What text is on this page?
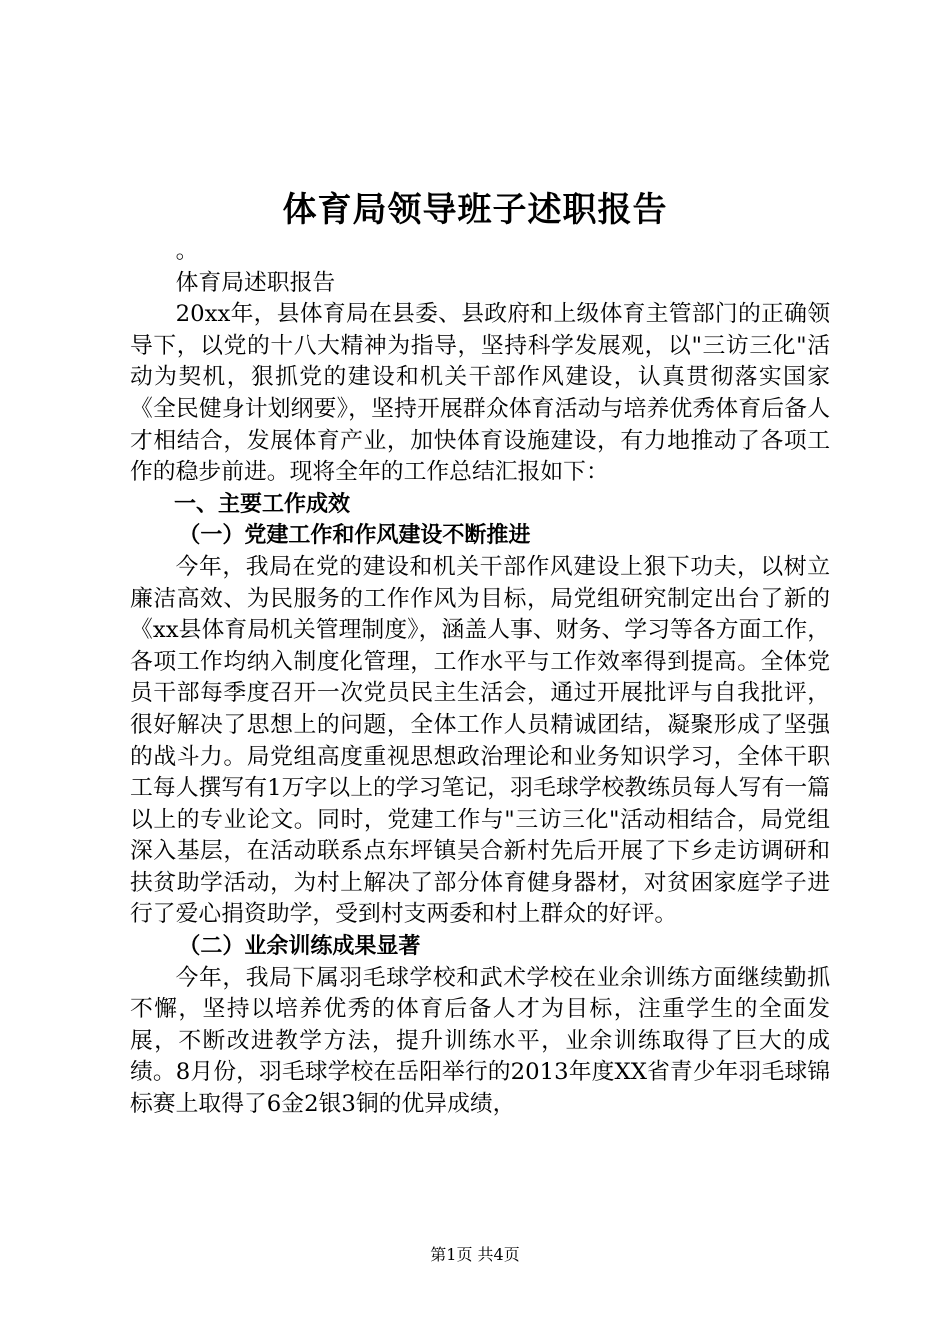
体育局领导班子述职报告

。

体育局述职报告

20xx年，县体育局在县委、县政府和上级体育主管部门的正确领导下，以党的十八大精神为指导，坚持科学发展观，以"三访三化"活动为契机，狠抓党的建设和机关干部作风建设，认真贯彻落实国家《全民健身计划纲要》，坚持开展群众体育活动与培养优秀体育后备人才相结合，发展体育产业，加快体育设施建设，有力地推动了各项工作的稳步前进。现将全年的工作总结汇报如下：

一、主要工作成效

（一）党建工作和作风建设不断推进

今年，我局在党的建设和机关干部作风建设上狠下功夫，以树立廉洁高效、为民服务的工作作风为目标，局党组研究制定出台了新的《xx县体育局机关管理制度》，涵盖人事、财务、学习等各方面工作，各项工作均纳入制度化管理，工作水平与工作效率得到提高。全体党员干部每季度召开一次党员民主生活会，通过开展批评与自我批评，很好解决了思想上的问题，全体工作人员精诚团结，凝聚形成了坚强的战斗力。局党组高度重视思想政治理论和业务知识学习，全体干职工每人撰写有1万字以上的学习笔记，羽毛球学校教练员每人写有一篇以上的专业论文。同时，党建工作与"三访三化"活动相结合，局党组深入基层，在活动联系点东坪镇吴合新村先后开展了下乡走访调研和扶贫助学活动，为村上解决了部分体育健身器材，对贫困家庭学子进行了爱心捐资助学，受到村支两委和村上群众的好评。

（二）业余训练成果显著

今年，我局下属羽毛球学校和武术学校在业余训练方面继续勤抓不懈，坚持以培养优秀的体育后备人才为目标，注重学生的全面发展，不断改进教学方法，提升训练水平，业余训练取得了巨大的成绩。8月份，羽毛球学校在岳阳举行的2013年度XX省青少年羽毛球锦标赛上取得了6金2银3铜的优异成绩，

第1页 共4页
